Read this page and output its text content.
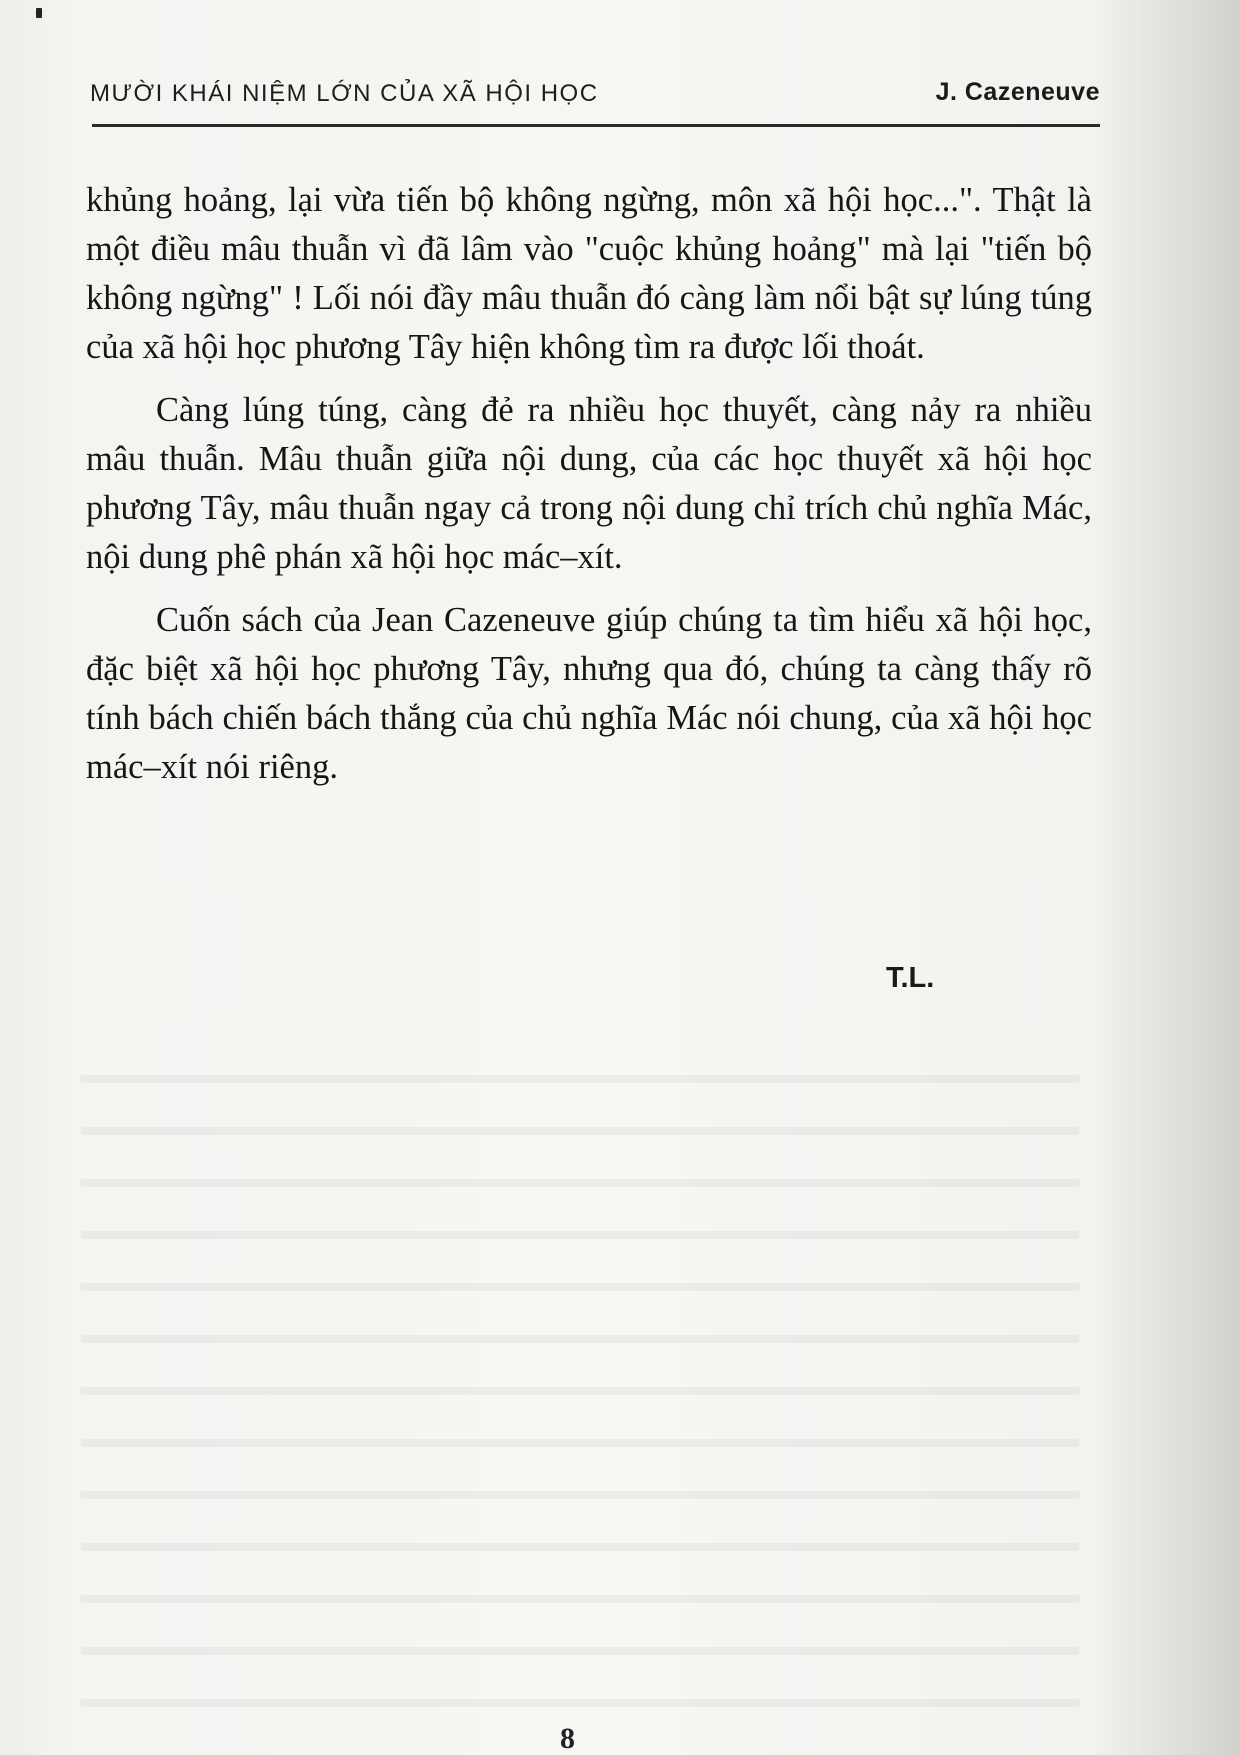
MƯỜI KHÁI NIỆM LỚN CỦA XÃ HỘI HỌC	J. Cazeneuve

khủng hoảng, lại vừa tiến bộ không ngừng, môn xã hội học...". Thật là một điều mâu thuẫn vì đã lâm vào "cuộc khủng hoảng" mà lại "tiến bộ không ngừng" ! Lối nói đầy mâu thuẫn đó càng làm nổi bật sự lúng túng của xã hội học phương Tây hiện không tìm ra được lối thoát.

Càng lúng túng, càng đẻ ra nhiều học thuyết, càng nảy ra nhiều mâu thuẫn. Mâu thuẫn giữa nội dung, của các học thuyết xã hội học phương Tây, mâu thuẫn ngay cả trong nội dung chỉ trích chủ nghĩa Mác, nội dung phê phán xã hội học mác–xít.

Cuốn sách của Jean Cazeneuve giúp chúng ta tìm hiểu xã hội học, đặc biệt xã hội học phương Tây, nhưng qua đó, chúng ta càng thấy rõ tính bách chiến bách thắng của chủ nghĩa Mác nói chung, của xã hội học mác–xít nói riêng.

T.L.
8
